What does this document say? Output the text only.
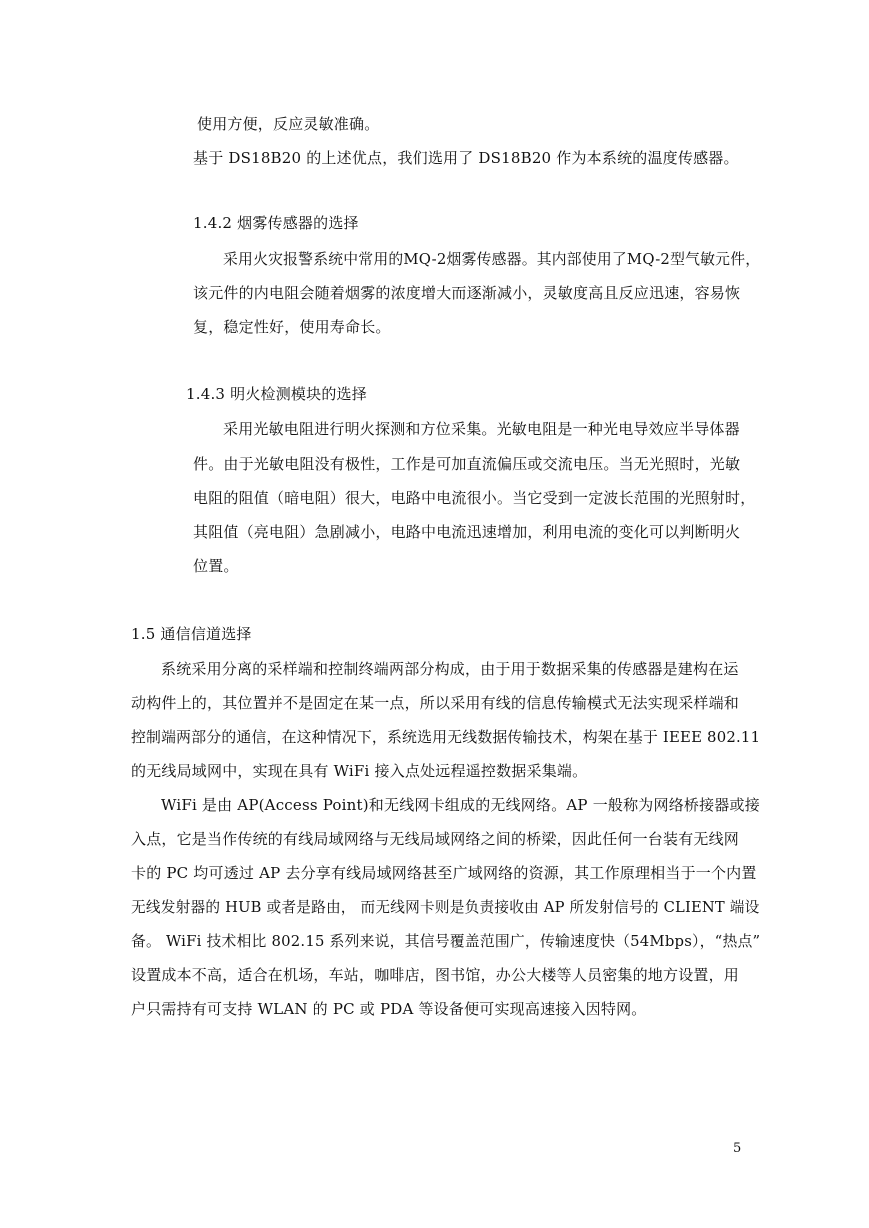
使用方便，反应灵敏准确。
基于 DS18B20 的上述优点，我们选用了 DS18B20 作为本系统的温度传感器。
1.4.2 烟雾传感器的选择
采用火灾报警系统中常用的MQ-2烟雾传感器。其内部使用了MQ-2型气敏元件，
该元件的内电阻会随着烟雾的浓度增大而逐渐减小，灵敏度高且反应迅速，容易恢
复，稳定性好，使用寿命长。
1.4.3 明火检测模块的选择
采用光敏电阻进行明火探测和方位采集。光敏电阻是一种光电导效应半导体器
件。由于光敏电阻没有极性，工作是可加直流偏压或交流电压。当无光照时，光敏
电阻的阻值（暗电阻）很大，电路中电流很小。当它受到一定波长范围的光照射时，
其阻值（亮电阻）急剧减小，电路中电流迅速增加，利用电流的变化可以判断明火
位置。
1.5 通信信道选择
系统采用分离的采样端和控制终端两部分构成，由于用于数据采集的传感器是建构在运
动构件上的，其位置并不是固定在某一点，所以采用有线的信息传输模式无法实现采样端和
控制端两部分的通信，在这种情况下，系统选用无线数据传输技术，构架在基于 IEEE 802.11
的无线局域网中，实现在具有 WiFi 接入点处远程遥控数据采集端。
WiFi 是由 AP(Access Point)和无线网卡组成的无线网络。AP 一般称为网络桥接器或接
入点，它是当作传统的有线局域网络与无线局域网络之间的桥梁，因此任何一台装有无线网
卡的 PC 均可透过 AP 去分享有线局域网络甚至广域网络的资源，其工作原理相当于一个内置
无线发射器的 HUB 或者是路由， 而无线网卡则是负责接收由 AP 所发射信号的 CLIENT 端设
备。 WiFi 技术相比 802.15 系列来说，其信号覆盖范围广，传输速度快（54Mbps），“热点”
设置成本不高，适合在机场，车站，咖啡店，图书馆，办公大楼等人员密集的地方设置，用
户只需持有可支持 WLAN 的 PC 或 PDA 等设备便可实现高速接入因特网。
5
